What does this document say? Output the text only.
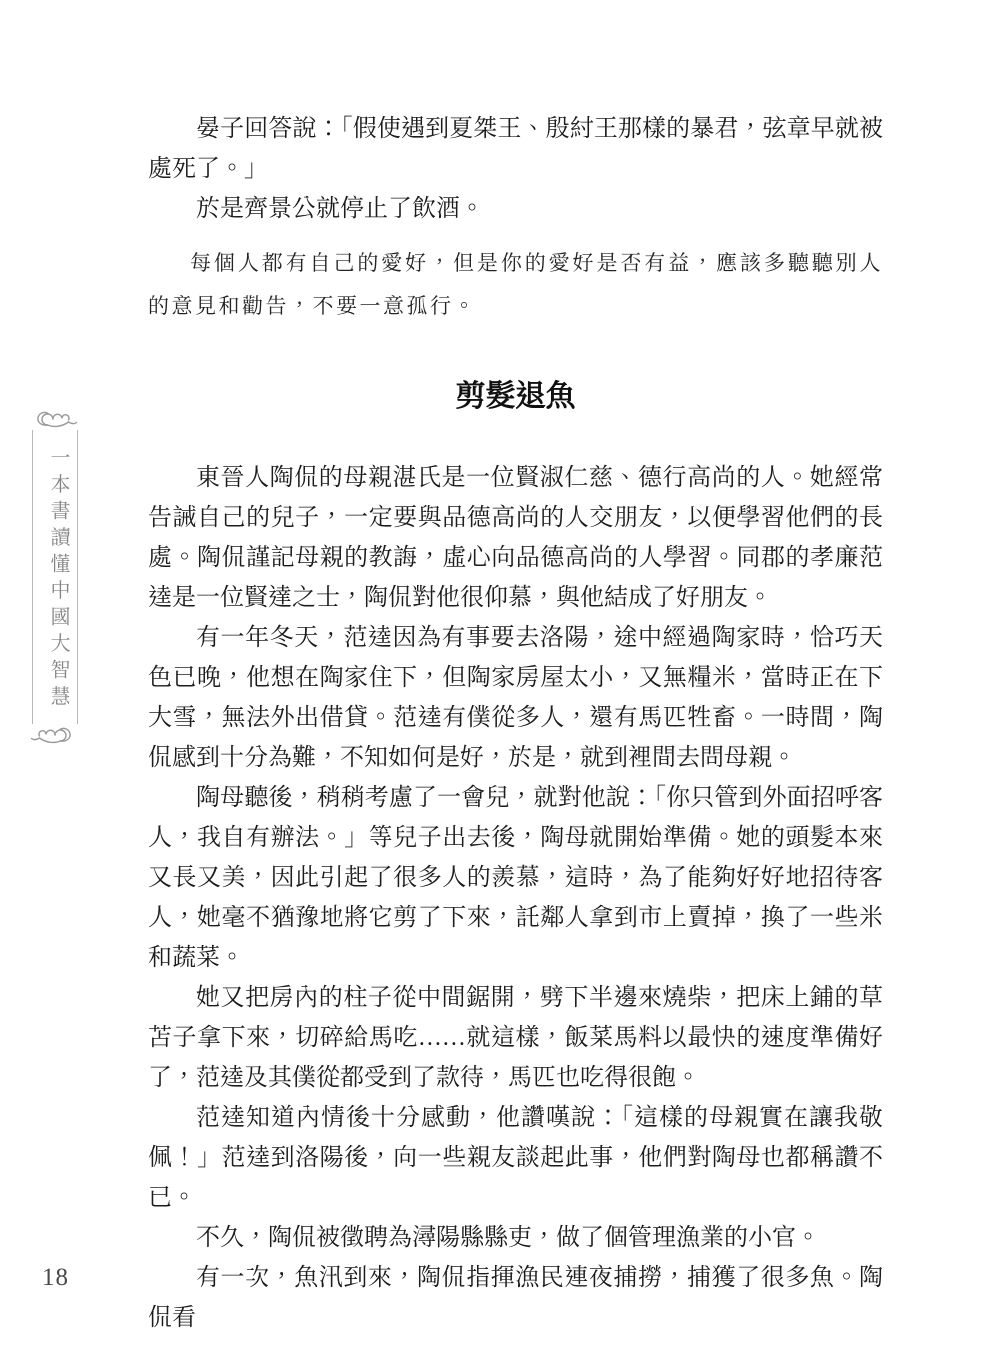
一本書讀懂中國大智慧

晏子回答說：「假使遇到夏桀王、殷紂王那樣的暴君，弦章早就被處死了。」

於是齊景公就停止了飲酒。

每個人都有自己的愛好，但是你的愛好是否有益，應該多聽聽別人的意見和勸告，不要一意孤行。

剪髮退魚

東晉人陶侃的母親湛氏是一位賢淑仁慈、德行高尚的人。她經常告誡自己的兒子，一定要與品德高尚的人交朋友，以便學習他們的長處。陶侃謹記母親的教誨，虛心向品德高尚的人學習。同郡的孝廉范逵是一位賢達之士，陶侃對他很仰慕，與他結成了好朋友。

有一年冬天，范逵因為有事要去洛陽，途中經過陶家時，恰巧天色已晚，他想在陶家住下，但陶家房屋太小，又無糧米，當時正在下大雪，無法外出借貸。范逵有僕從多人，還有馬匹牲畜。一時間，陶侃感到十分為難，不知如何是好，於是，就到裡間去問母親。

陶母聽後，稍稍考慮了一會兒，就對他說：「你只管到外面招呼客人，我自有辦法。」等兒子出去後，陶母就開始準備。她的頭髮本來又長又美，因此引起了很多人的羨慕，這時，為了能夠好好地招待客人，她毫不猶豫地將它剪了下來，託鄰人拿到市上賣掉，換了一些米和蔬菜。

她又把房內的柱子從中間鋸開，劈下半邊來燒柴，把床上鋪的草苫子拿下來，切碎給馬吃……就這樣，飯菜馬料以最快的速度準備好了，范逵及其僕從都受到了款待，馬匹也吃得很飽。

范逵知道內情後十分感動，他讚嘆說：「這樣的母親實在讓我敬佩！」范逵到洛陽後，向一些親友談起此事，他們對陶母也都稱讚不已。

不久，陶侃被徵聘為潯陽縣縣吏，做了個管理漁業的小官。

有一次，魚汛到來，陶侃指揮漁民連夜捕撈，捕獲了很多魚。陶侃看

18
